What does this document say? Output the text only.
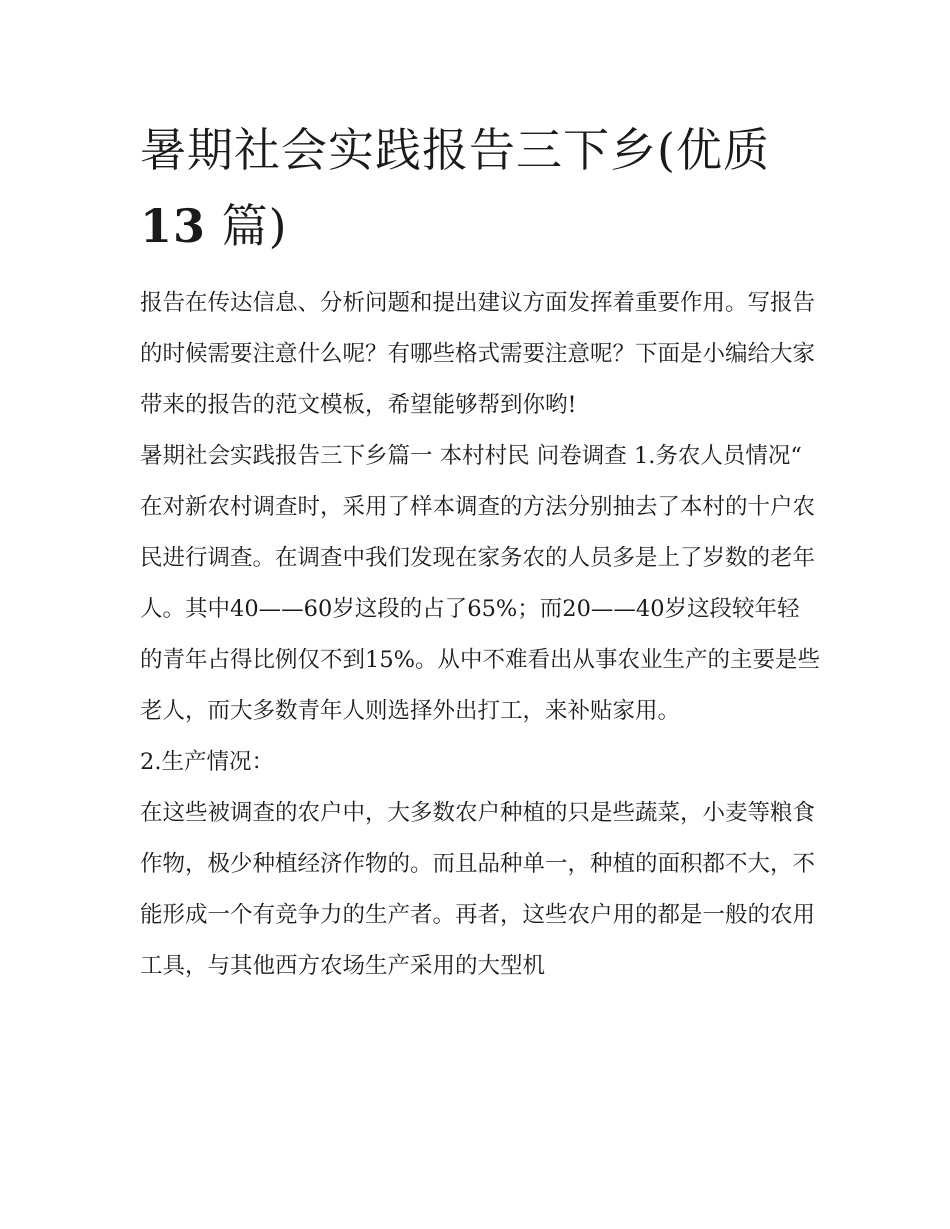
暑期社会实践报告三下乡(优质
13 篇)

报告在传达信息、分析问题和提出建议方面发挥着重要作用。写报告的时候需要注意什么呢？有哪些格式需要注意呢？下面是小编给大家带来的报告的范文模板，希望能够帮到你哟!

暑期社会实践报告三下乡篇一 本村村民 问卷调查 1.务农人员情况“

在对新农村调查时，采用了样本调查的方法分别抽去了本村的十户农民进行调查。在调查中我们发现在家务农的人员多是上了岁数的老年人。其中40——60岁这段的占了65%；而20——40岁这段较年轻的青年占得比例仅不到15%。从中不难看出从事农业生产的主要是些老人，而大多数青年人则选择外出打工，来补贴家用。

2.生产情况：

在这些被调查的农户中，大多数农户种植的只是些蔬菜，小麦等粮食作物，极少种植经济作物的。而且品种单一，种植的面积都不大，不能形成一个有竞争力的生产者。再者，这些农户用的都是一般的农用工具，与其他西方农场生产采用的大型机
